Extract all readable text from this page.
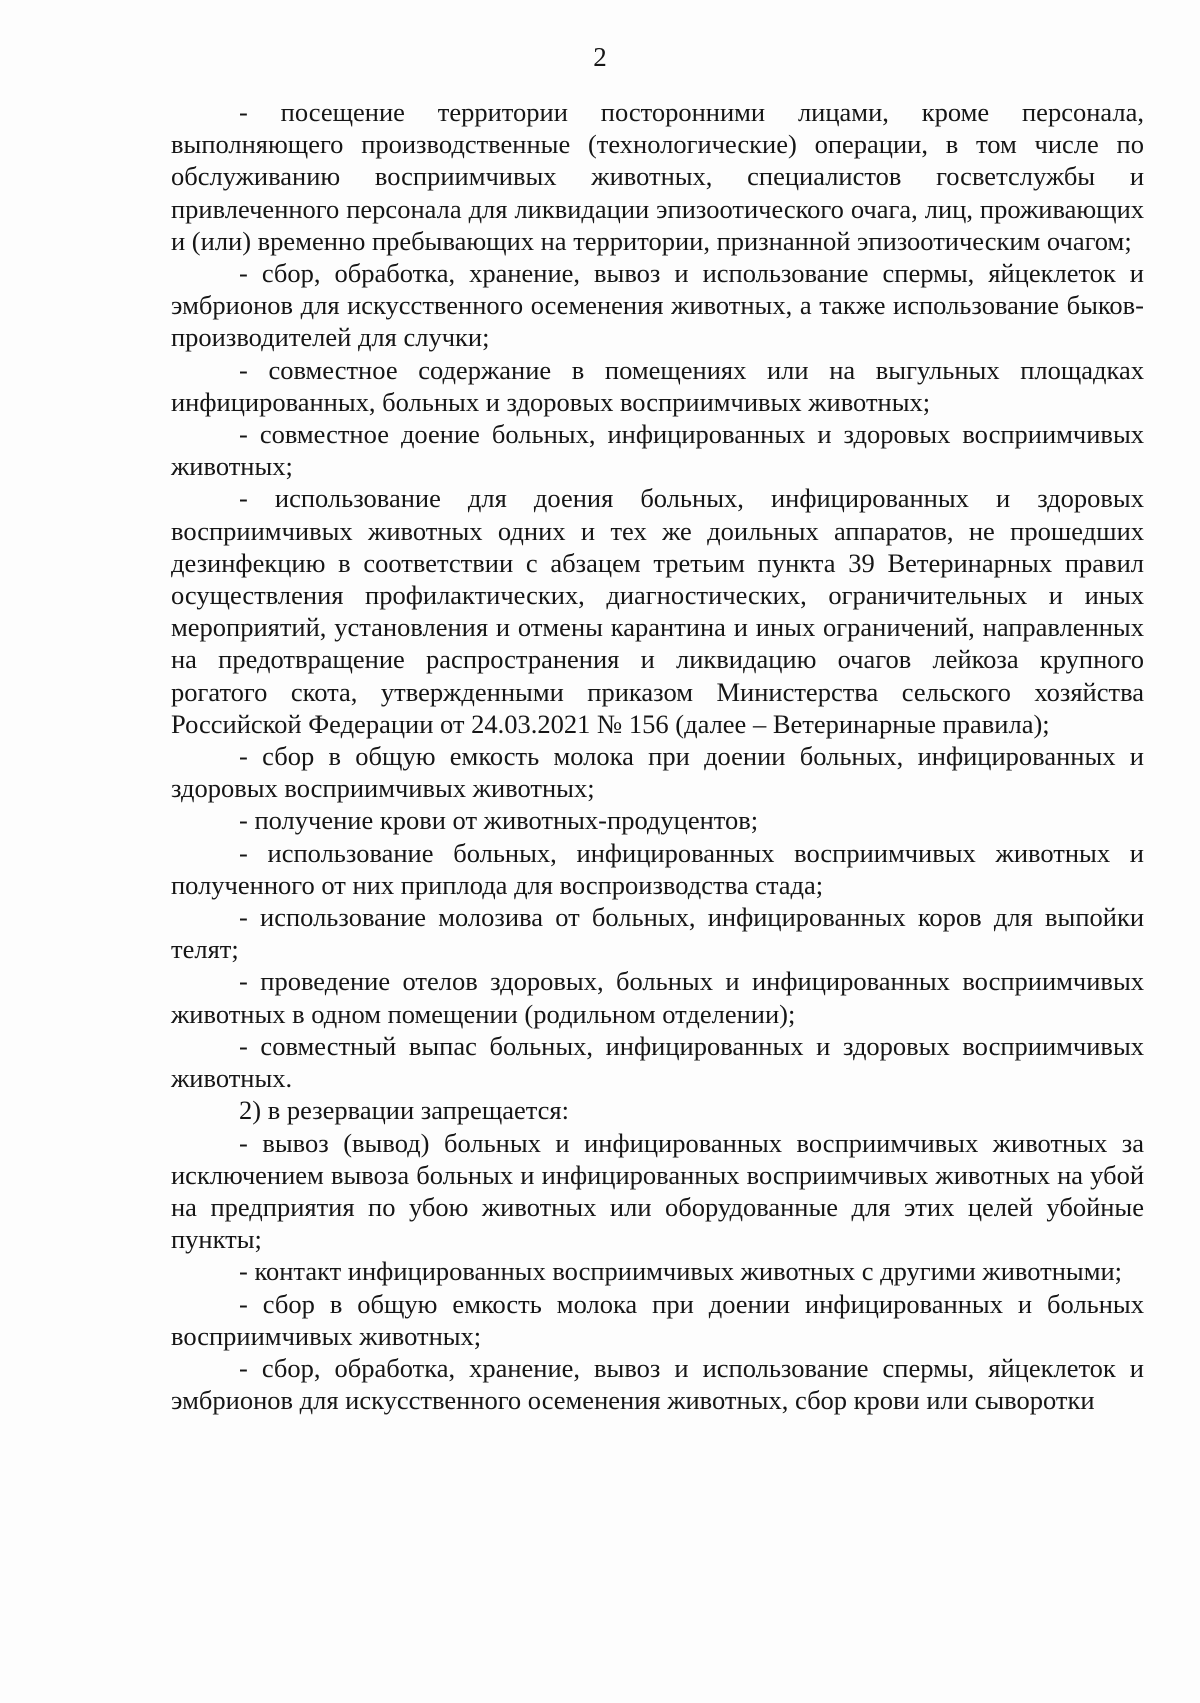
2

- посещение территории посторонними лицами, кроме персонала, выполняющего производственные (технологические) операции, в том числе по обслуживанию восприимчивых животных, специалистов госветслужбы и привлеченного персонала для ликвидации эпизоотического очага, лиц, проживающих и (или) временно пребывающих на территории, признанной эпизоотическим очагом;

- сбор, обработка, хранение, вывоз и использование спермы, яйцеклеток и эмбрионов для искусственного осеменения животных, а также использование быков-производителей для случки;

- совместное содержание в помещениях или на выгульных площадках инфицированных, больных и здоровых восприимчивых животных;

- совместное доение больных, инфицированных и здоровых восприимчивых животных;

- использование для доения больных, инфицированных и здоровых восприимчивых животных одних и тех же доильных аппаратов, не прошедших дезинфекцию в соответствии с абзацем третьим пункта 39 Ветеринарных правил осуществления профилактических, диагностических, ограничительных и иных мероприятий, установления и отмены карантина и иных ограничений, направленных на предотвращение распространения и ликвидацию очагов лейкоза крупного рогатого скота, утвержденными приказом Министерства сельского хозяйства Российской Федерации от 24.03.2021 № 156 (далее – Ветеринарные правила);

- сбор в общую емкость молока при доении больных, инфицированных и здоровых восприимчивых животных;

- получение крови от животных-продуцентов;

- использование больных, инфицированных восприимчивых животных и полученного от них приплода для воспроизводства стада;

- использование молозива от больных, инфицированных коров для выпойки телят;

- проведение отелов здоровых, больных и инфицированных восприимчивых животных в одном помещении (родильном отделении);

- совместный выпас больных, инфицированных и здоровых восприимчивых животных.

2) в резервации запрещается:

- вывоз (вывод) больных и инфицированных восприимчивых животных за исключением вывоза больных и инфицированных восприимчивых животных на убой на предприятия по убою животных или оборудованные для этих целей убойные пункты;

- контакт инфицированных восприимчивых животных с другими животными;

- сбор в общую емкость молока при доении инфицированных и больных восприимчивых животных;

- сбор, обработка, хранение, вывоз и использование спермы, яйцеклеток и эмбрионов для искусственного осеменения животных, сбор крови или сыворотки
